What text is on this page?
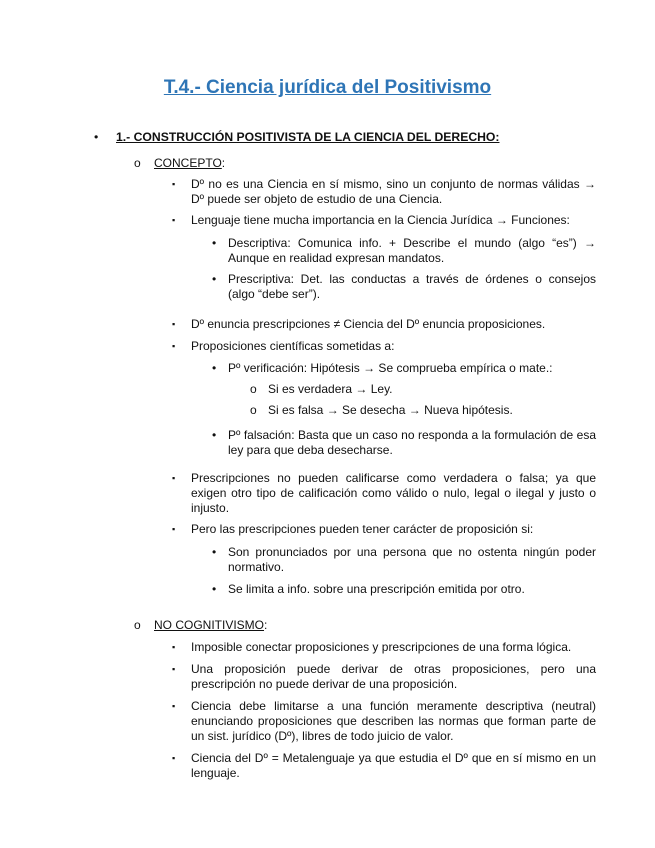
T.4.- Ciencia jurídica del Positivismo
• 1.- CONSTRUCCIÓN POSITIVISTA DE LA CIENCIA DEL DERECHO:
o CONCEPTO:
▪ Dº no es una Ciencia en sí mismo, sino un conjunto de normas válidas → Dº puede ser objeto de estudio de una Ciencia.
▪ Lenguaje tiene mucha importancia en la Ciencia Jurídica → Funciones:
• Descriptiva: Comunica info. + Describe el mundo (algo “es”) → Aunque en realidad expresan mandatos.
• Prescriptiva: Det. las conductas a través de órdenes o consejos (algo “debe ser”).
▪ Dº enuncia prescripciones ≠ Ciencia del Dº enuncia proposiciones.
▪ Proposiciones científicas sometidas a:
• Pº verificación: Hipótesis → Se comprueba empírica o mate.:
o Si es verdadera → Ley.
o Si es falsa → Se desecha → Nueva hipótesis.
• Pº falsación: Basta que un caso no responda a la formulación de esa ley para que deba desecharse.
▪ Prescripciones no pueden calificarse como verdadera o falsa; ya que exigen otro tipo de calificación como válido o nulo, legal o ilegal y justo o injusto.
▪ Pero las prescripciones pueden tener carácter de proposición si:
• Son pronunciados por una persona que no ostenta ningún poder normativo.
• Se limita a info. sobre una prescripción emitida por otro.
o NO COGNITIVISMO:
▪ Imposible conectar proposiciones y prescripciones de una forma lógica.
▪ Una proposición puede derivar de otras proposiciones, pero una prescripción no puede derivar de una proposición.
▪ Ciencia debe limitarse a una función meramente descriptiva (neutral) enunciando proposiciones que describen las normas que forman parte de un sist. jurídico (Dº), libres de todo juicio de valor.
▪ Ciencia del Dº = Metalenguaje ya que estudia el Dº que en sí mismo en un lenguaje.
